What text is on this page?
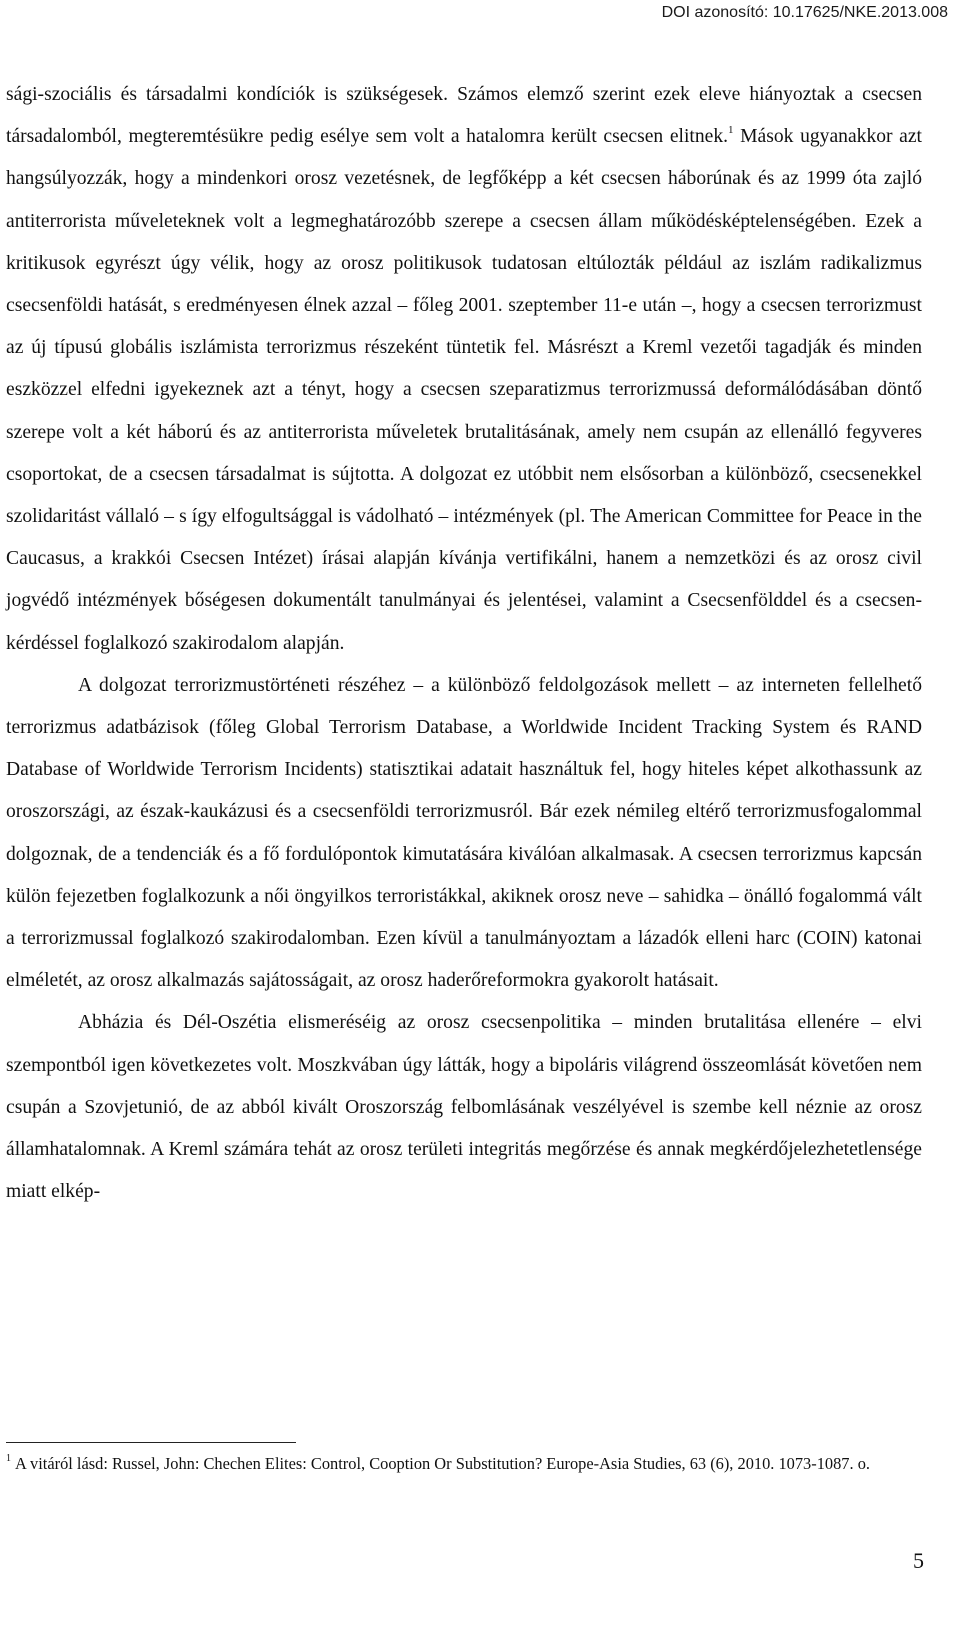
DOI azonosító: 10.17625/NKE.2013.008

sági-szociális és társadalmi kondíciók is szükségesek. Számos elemző szerint ezek eleve hiányoztak a csecsen társadalomból, megteremtésükre pedig esélye sem volt a hatalomra került csecsen elitnek.$^1$ Mások ugyanakkor azt hangsúlyozzák, hogy a mindenkori orosz vezetésnek, de legfőképp a két csecsen háborúnak és az 1999 óta zajló antiterrorista műveleteknek volt a legmeghatározóbb szerepe a csecsen állam működésképtelenségében. Ezek a kritikusok egyrészt úgy vélik, hogy az orosz politikusok tudatosan eltúlozták például az iszlám radikalizmus csecsenföldi hatását, s eredményesen élnek azzal – főleg 2001. szeptember 11-e után –, hogy a csecsen terrorizmust az új típusú globális iszlámista terrorizmus részeként tüntetik fel. Másrészt a Kreml vezetői tagadják és minden eszközzel elfedni igyekeznek azt a tényt, hogy a csecsen szeparatizmus terrorizmussá deformálódásában döntő szerepe volt a két háború és az antiterrorista műveletek brutalitásának, amely nem csupán az ellenálló fegyveres csoportokat, de a csecsen társadalmat is sújtotta. A dolgozat ez utóbbit nem elsősorban a különböző, csecsenekkel szolidaritást vállaló – s így elfogultsággal is vádolható – intézmények (pl. The American Committee for Peace in the Caucasus, a krakkói Csecsen Intézet) írásai alapján kívánja vertifikálni, hanem a nemzetközi és az orosz civil jogvédő intézmények bőségesen dokumentált tanulmányai és jelentései, valamint a Csecsenfölddel és a csecsen-kérdéssel foglalkozó szakirodalom alapján.

A dolgozat terrorizmustörténeti részéhez – a különböző feldolgozások mellett – az interneten fellelhető terrorizmus adatbázisok (főleg Global Terrorism Database, a Worldwide Incident Tracking System és RAND Database of Worldwide Terrorism Incidents) statisztikai adatait használtuk fel, hogy hiteles képet alkothassunk az oroszországi, az észak-kaukázusi és a csecsenföldi terrorizmusról. Bár ezek némileg eltérő terrorizmusfogalommal dolgoznak, de a tendenciák és a fő fordulópontok kimutatására kiválóan alkalmasak. A csecsen terrorizmus kapcsán külön fejezetben foglalkozunk a női öngyilkos terroristákkal, akiknek orosz neve – sahidka – önálló fogalommá vált a terrorizmussal foglalkozó szakirodalomban. Ezen kívül a tanulmányoztam a lázadók elleni harc (COIN) katonai elméletét, az orosz alkalmazás sajátosságait, az orosz haderőreformokra gyakorolt hatásait.

Abházia és Dél-Oszétia elismeréséig az orosz csecsenpolitika – minden brutalitása ellenére – elvi szempontból igen következetes volt. Moszkvában úgy látták, hogy a bipoláris világrend összeomlását követően nem csupán a Szovjetunió, de az abból kivált Oroszország felbomlásának veszélyével is szembe kell néznie az orosz államhatalomnak. A Kreml számára tehát az orosz területi integritás megőrzése és annak megkérdőjelezhetetlensége miatt elkép-

$^1$ A vitáról lásd: Russel, John: Chechen Elites: Control, Cooption Or Substitution? Europe-Asia Studies, 63 (6), 2010. 1073-1087. o.
5
